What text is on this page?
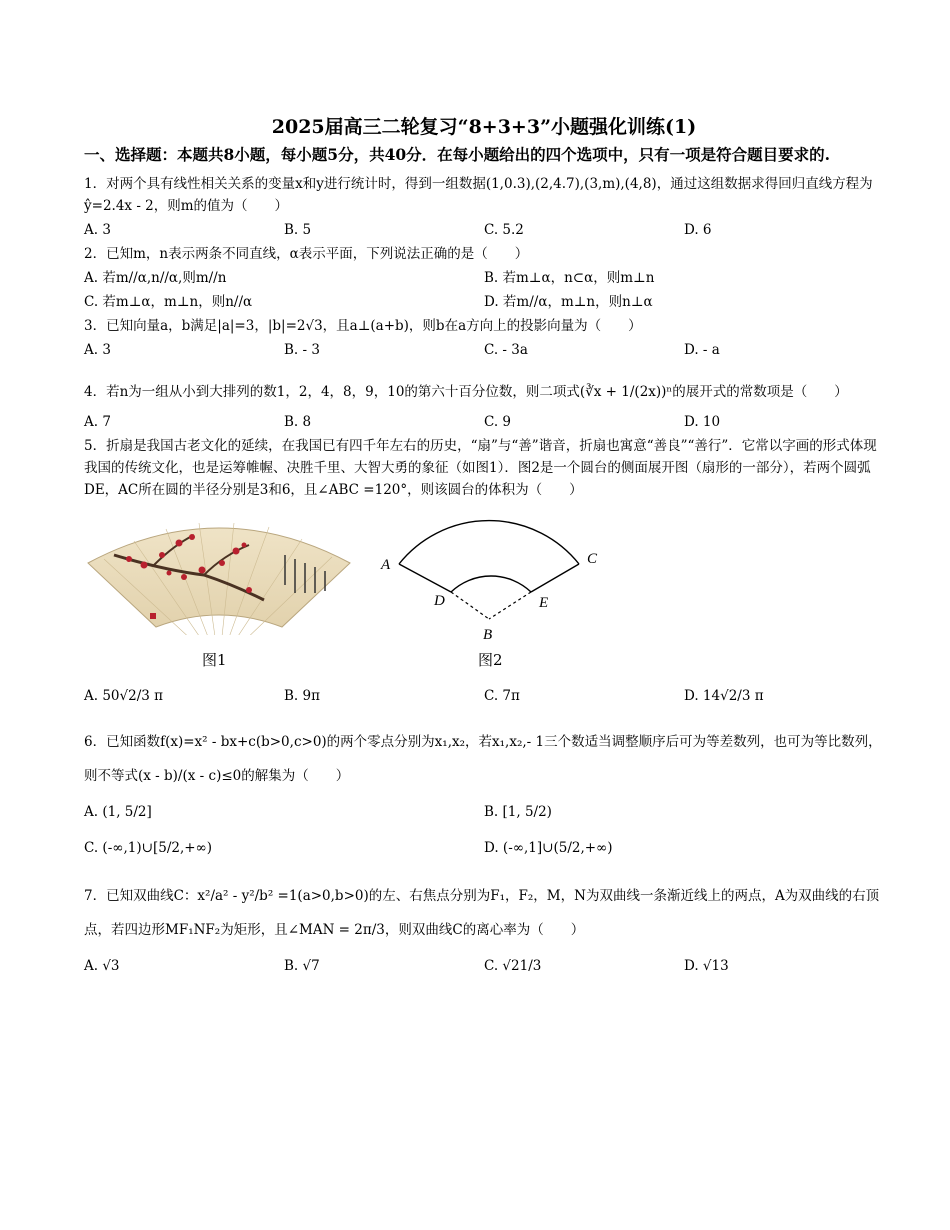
2025届高三二轮复习“8+3+3”小题强化训练(1)
一、选择题：本题共8小题，每小题5分，共40分．在每小题给出的四个选项中，只有一项是符合题目要求的.
1．对两个具有线性相关关系的变量x和y进行统计时，得到一组数据(1,0.3),(2,4.7),(3,m),(4,8)，通过这组数据求得回归直线方程为ŷ=2.4x - 2，则m的值为（　　）
A. 3	B. 5	C. 5.2	D. 6
2．已知m，n表示两条不同直线，α表示平面，下列说法正确的是（　　）
A. 若m//α,n//α,则m//n	B. 若m⊥α，n⊂α，则m⊥n
C. 若m⊥α，m⊥n，则n//α	D. 若m//α，m⊥n，则n⊥α
3．已知向量a，b满足|a|=3，|b|=2√3，且a⊥(a+b)，则b在a方向上的投影向量为（　　）
A. 3	B. - 3	C. - 3a	D. - a
4．若n为一组从小到大排列的数1，2，4，8，9，10的第六十百分位数，则二项式(∛x + 1/(2x))ⁿ的展开式的常数项是（　　）
A. 7	B. 8	C. 9	D. 10
5．折扇是我国古老文化的延续，在我国已有四千年左右的历史，“扇”与“善”谐音，折扇也寓意“善良”“善行”．它常以字画的形式体现我国的传统文化，也是运筹帷幄、决胜千里、大智大勇的象征（如图1）．图2是一个圆台的侧面展开图（扇形的一部分），若两个圆弧DE，AC所在圆的半径分别是3和6，且∠ABC =120°，则该圆台的体积为（　　）
图1
A	C
D	E
B
图2
A. 50√2/3 π	B. 9π	C. 7π	D. 14√2/3 π
6．已知函数f(x)=x² - bx+c(b>0,c>0)的两个零点分别为x₁,x₂，若x₁,x₂,- 1三个数适当调整顺序后可为等差数列，也可为等比数列，则不等式(x - b)/(x - c)≤0的解集为（　　）
A. (1, 5/2]	B. [1, 5/2)
C. (-∞,1)∪[5/2,+∞)	D. (-∞,1]∪(5/2,+∞)
7．已知双曲线C：x²/a² - y²/b² =1(a>0,b>0)的左、右焦点分别为F₁，F₂，M，N为双曲线一条渐近线上的两点，A为双曲线的右顶点，若四边形MF₁NF₂为矩形，且∠MAN = 2π/3，则双曲线C的离心率为（　　）
A. √3	B. √7	C. √21/3	D. √13
